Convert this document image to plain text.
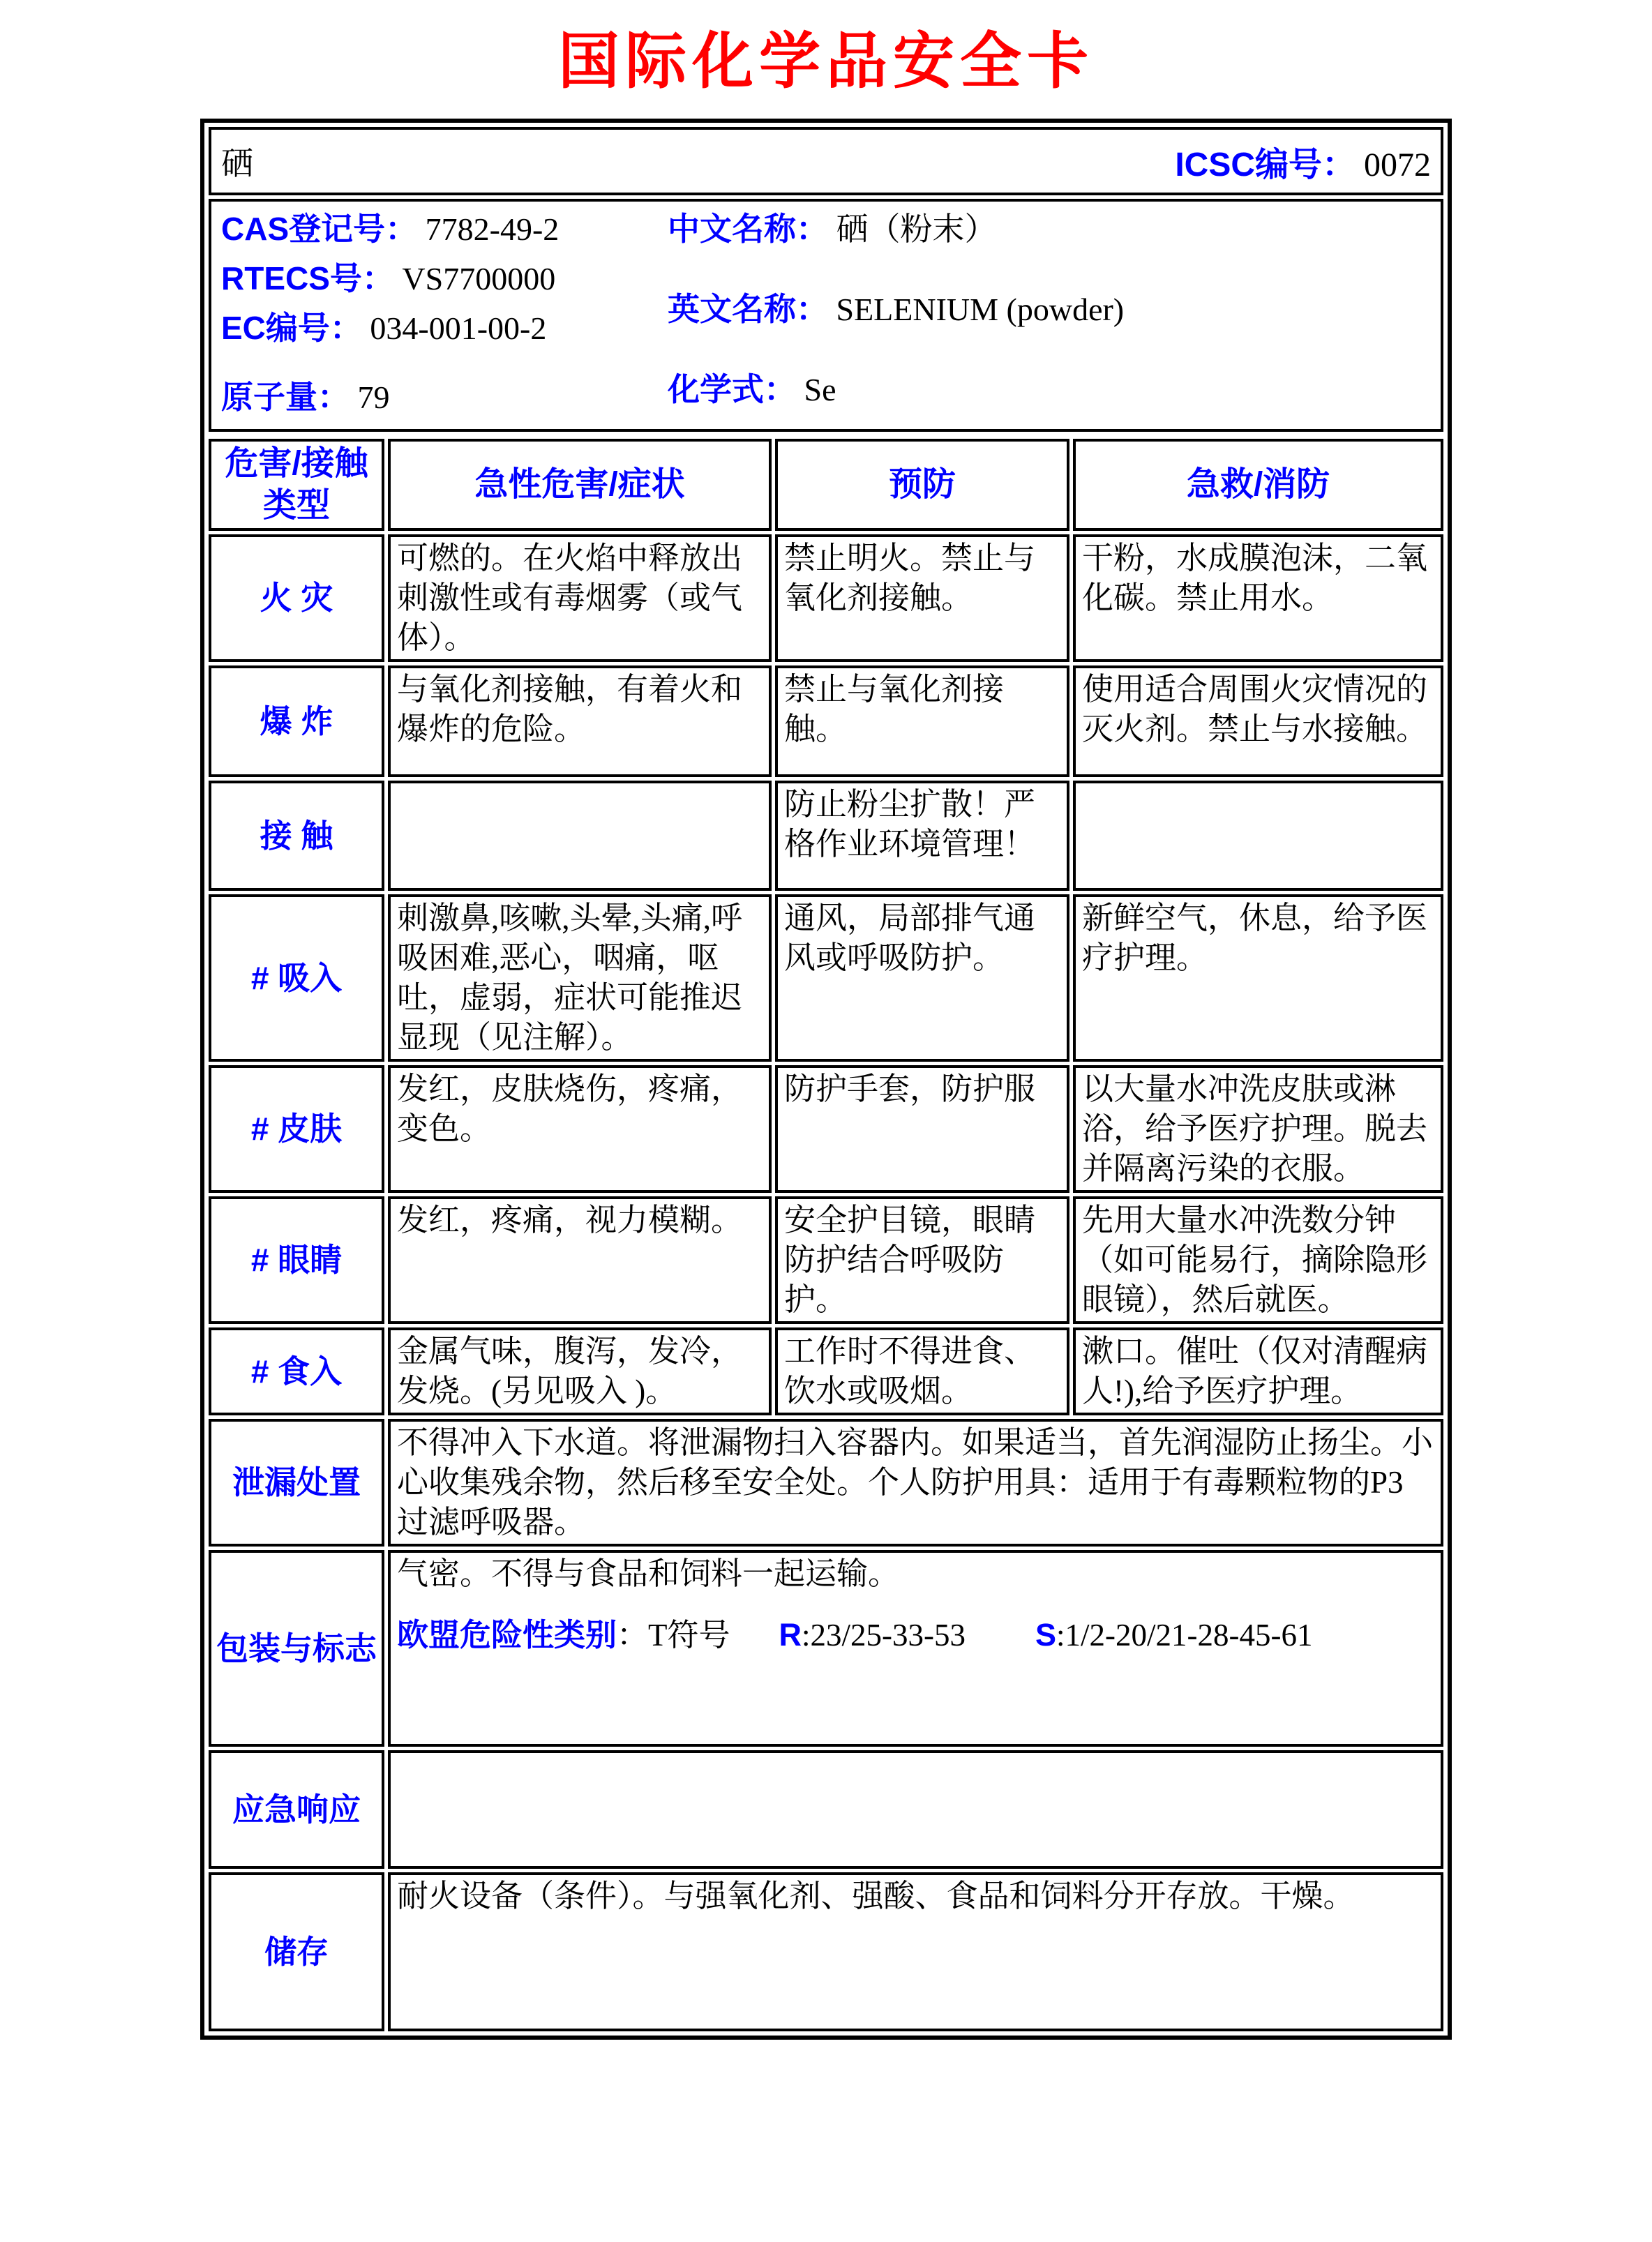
国际化学品安全卡
硒	ICSC编号： 0072
CAS登记号： 7782-49-2
RTECS号： VS7700000
EC编号： 034-001-00-2
原子量： 79
中文名称： 硒（粉末）
英文名称： SELENIUM (powder)
化学式： Se
危害/接触
类型	急性危害/症状	预防	急救/消防
火 灾	可燃的。在火焰中释放出刺激性或有毒烟雾（或气体）。	禁止明火。禁止与氧化剂接触。	干粉，水成膜泡沫，二氧化碳。禁止用水。
爆 炸	与氧化剂接触，有着火和爆炸的危险。	禁止与氧化剂接触。	使用适合周围火灾情况的灭火剂。禁止与水接触。
接 触		防止粉尘扩散！严格作业环境管理！	
# 吸入	刺激鼻,咳嗽,头晕,头痛,呼吸困难,恶心，咽痛，呕吐，虚弱，症状可能推迟显现（见注解）。	通风，局部排气通风或呼吸防护。	新鲜空气，休息，给予医疗护理。
# 皮肤	发红，皮肤烧伤，疼痛，变色。	防护手套，防护服	以大量水冲洗皮肤或淋浴，给予医疗护理。脱去并隔离污染的衣服。
# 眼睛	发红，疼痛，视力模糊。	安全护目镜，眼睛防护结合呼吸防护。	先用大量水冲洗数分钟（如可能易行，摘除隐形眼镜），然后就医。
# 食入	金属气味，腹泻，发冷，发烧。(另见吸入 )。	工作时不得进食、饮水或吸烟。	漱口。催吐（仅对清醒病人!),给予医疗护理。
泄漏处置	不得冲入下水道。将泄漏物扫入容器内。如果适当，首先润湿防止扬尘。小心收集残余物，然后移至安全处。个人防护用具：适用于有毒颗粒物的P3过滤呼吸器。		
包装与标志	气密。不得与食品和饲料一起运输。
欧盟危险性类别：T符号 R:23/25-33-53 S:1/2-20/21-28-45-61		

应急响应			
储存	耐火设备（条件）。与强氧化剂、强酸、食品和饲料分开存放。干燥。		
